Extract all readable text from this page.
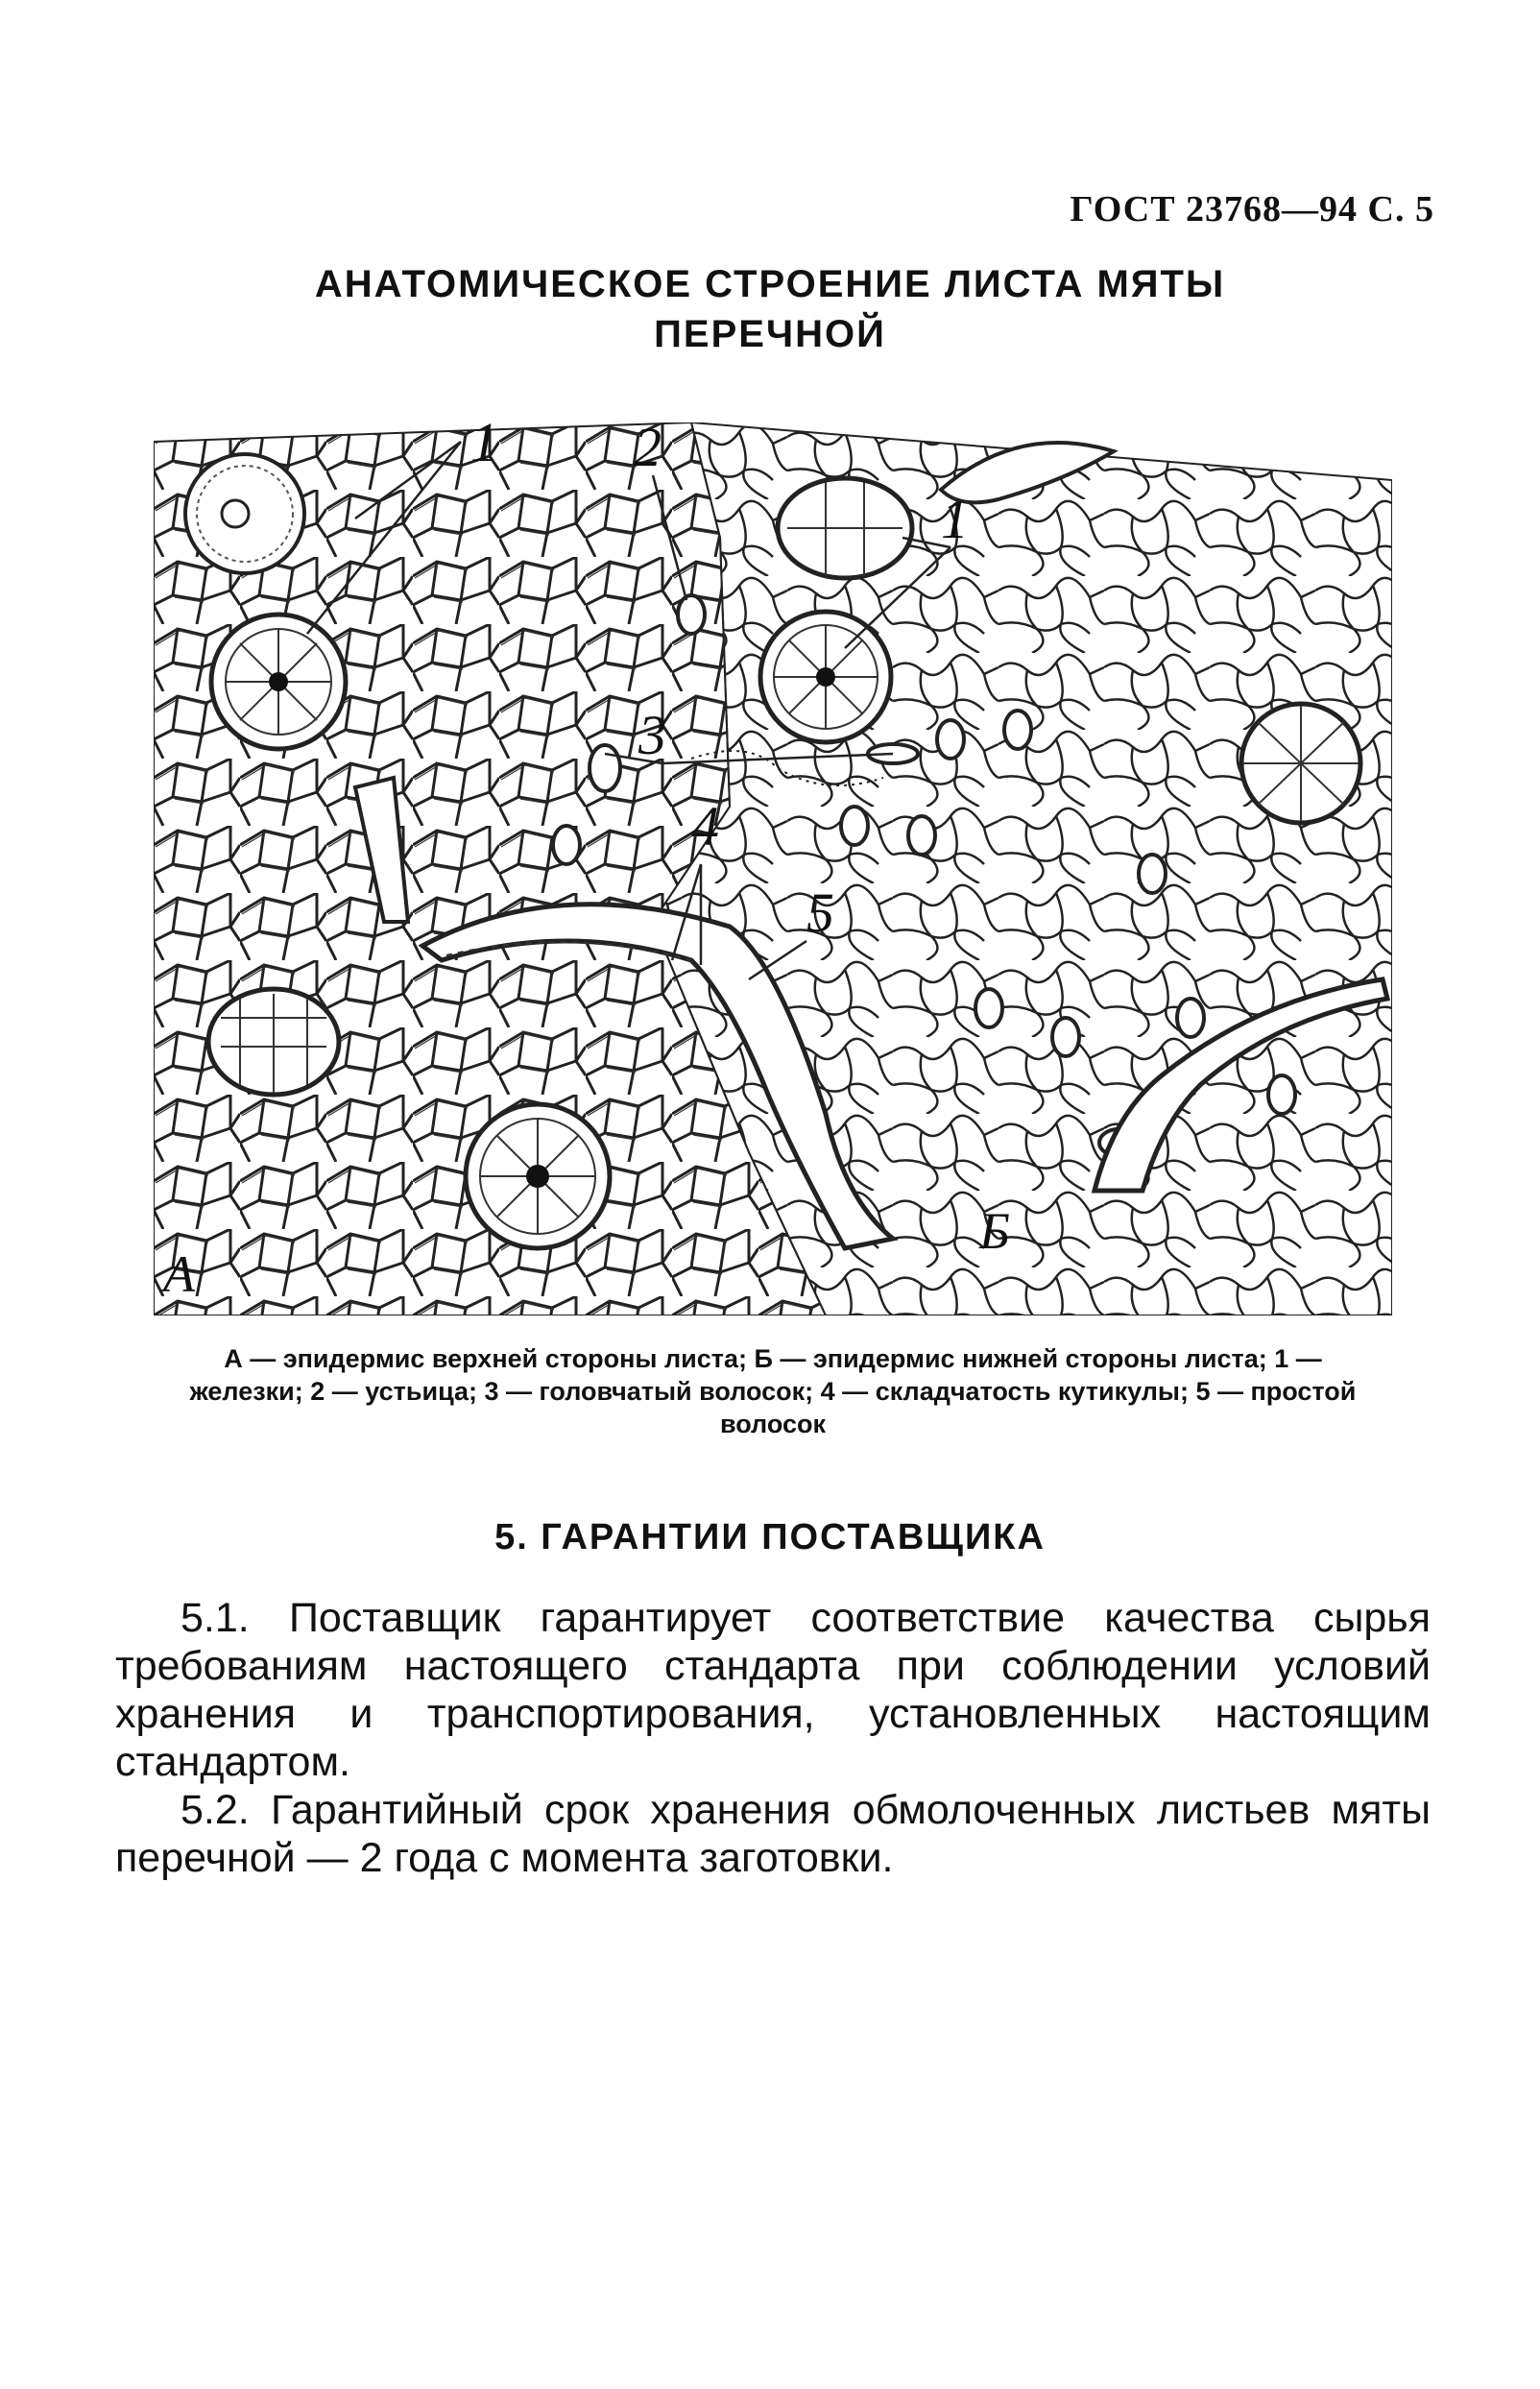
ГОСТ 23768—94 С. 5
АНАТОМИЧЕСКОЕ СТРОЕНИЕ ЛИСТА МЯТЫ
ПЕРЕЧНОЙ
1 2
1
3
4
5
А
Б
А — эпидермис верхней стороны листа; Б — эпидермис нижней стороны листа; 1 — железки; 2 — устьица; 3 — головчатый волосок; 4 — складчатость кутикулы; 5 — простой волосок
5. ГАРАНТИИ ПОСТАВЩИКА

5.1. Поставщик гарантирует соответствие качества сырья требованиям настоящего стандарта при соблюдении условий хранения и транспортирования, установленных настоящим стандартом.

5.2. Гарантийный срок хранения обмолоченных листьев мяты перечной — 2 года с момента заготовки.
